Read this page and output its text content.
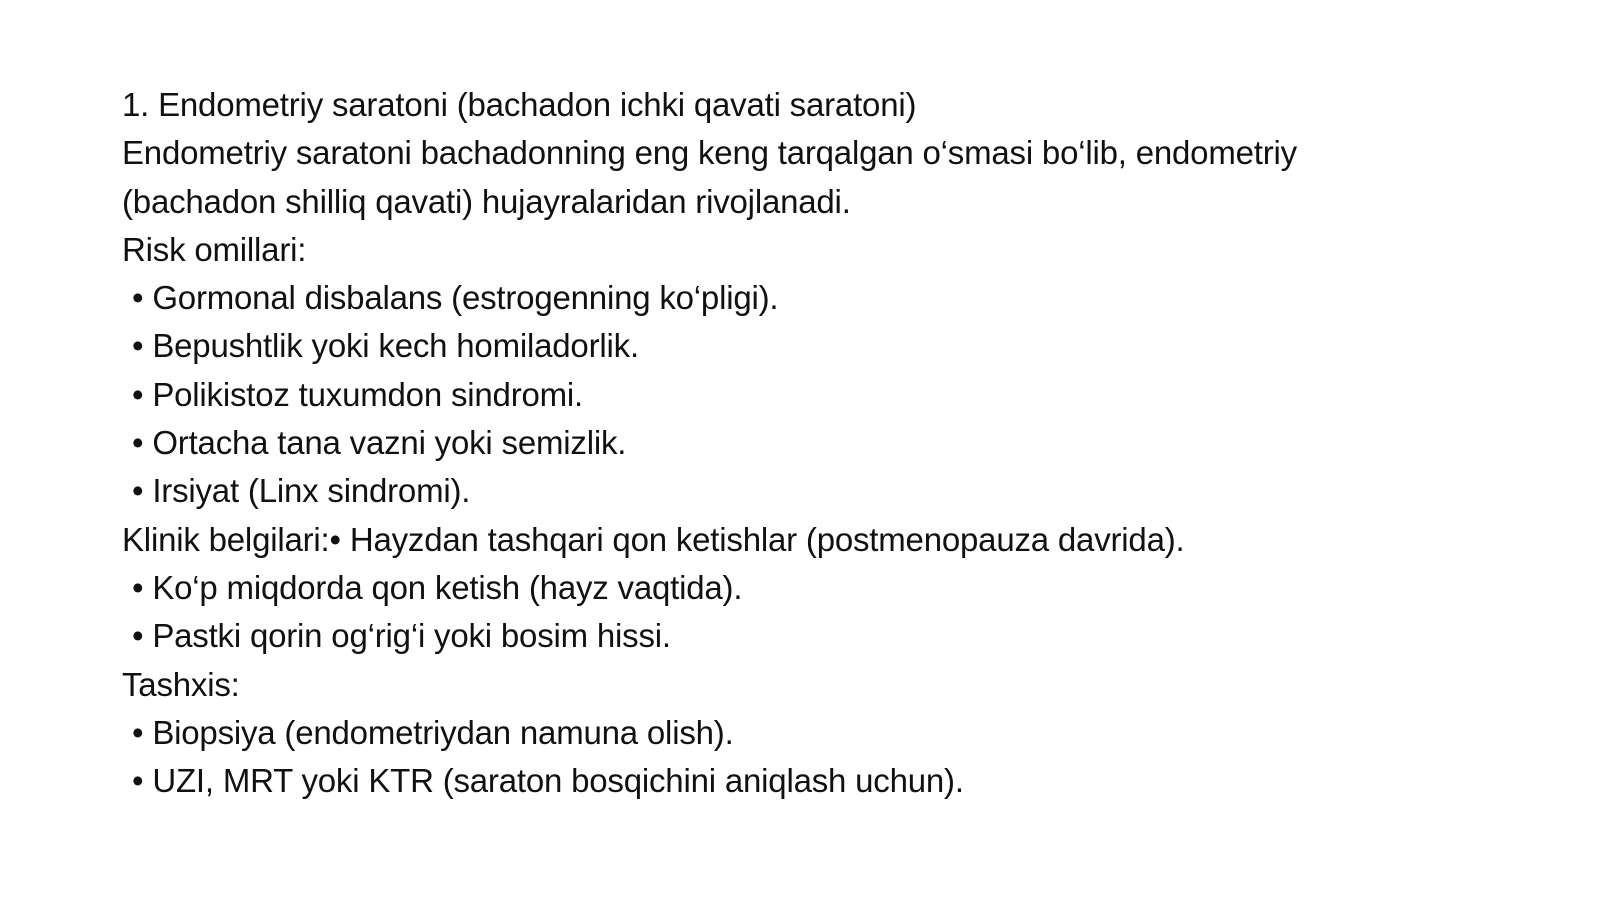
1. Endometriy saratoni (bachadon ichki qavati saratoni)
Endometriy saratoni bachadonning eng keng tarqalgan o‘smasi bo‘lib, endometriy
(bachadon shilliq qavati) hujayralaridan rivojlanadi.
Risk omillari:
• Gormonal disbalans (estrogenning ko‘pligi).
• Bepushtlik yoki kech homiladorlik.
• Polikistoz tuxumdon sindromi.
• Ortacha tana vazni yoki semizlik.
• Irsiyat (Linx sindromi).
Klinik belgilari:• Hayzdan tashqari qon ketishlar (postmenopauza davrida).
• Ko‘p miqdorda qon ketish (hayz vaqtida).
• Pastki qorin og‘rig‘i yoki bosim hissi.
Tashxis:
• Biopsiya (endometriydan namuna olish).
• UZI, MRT yoki KTR (saraton bosqichini aniqlash uchun).
